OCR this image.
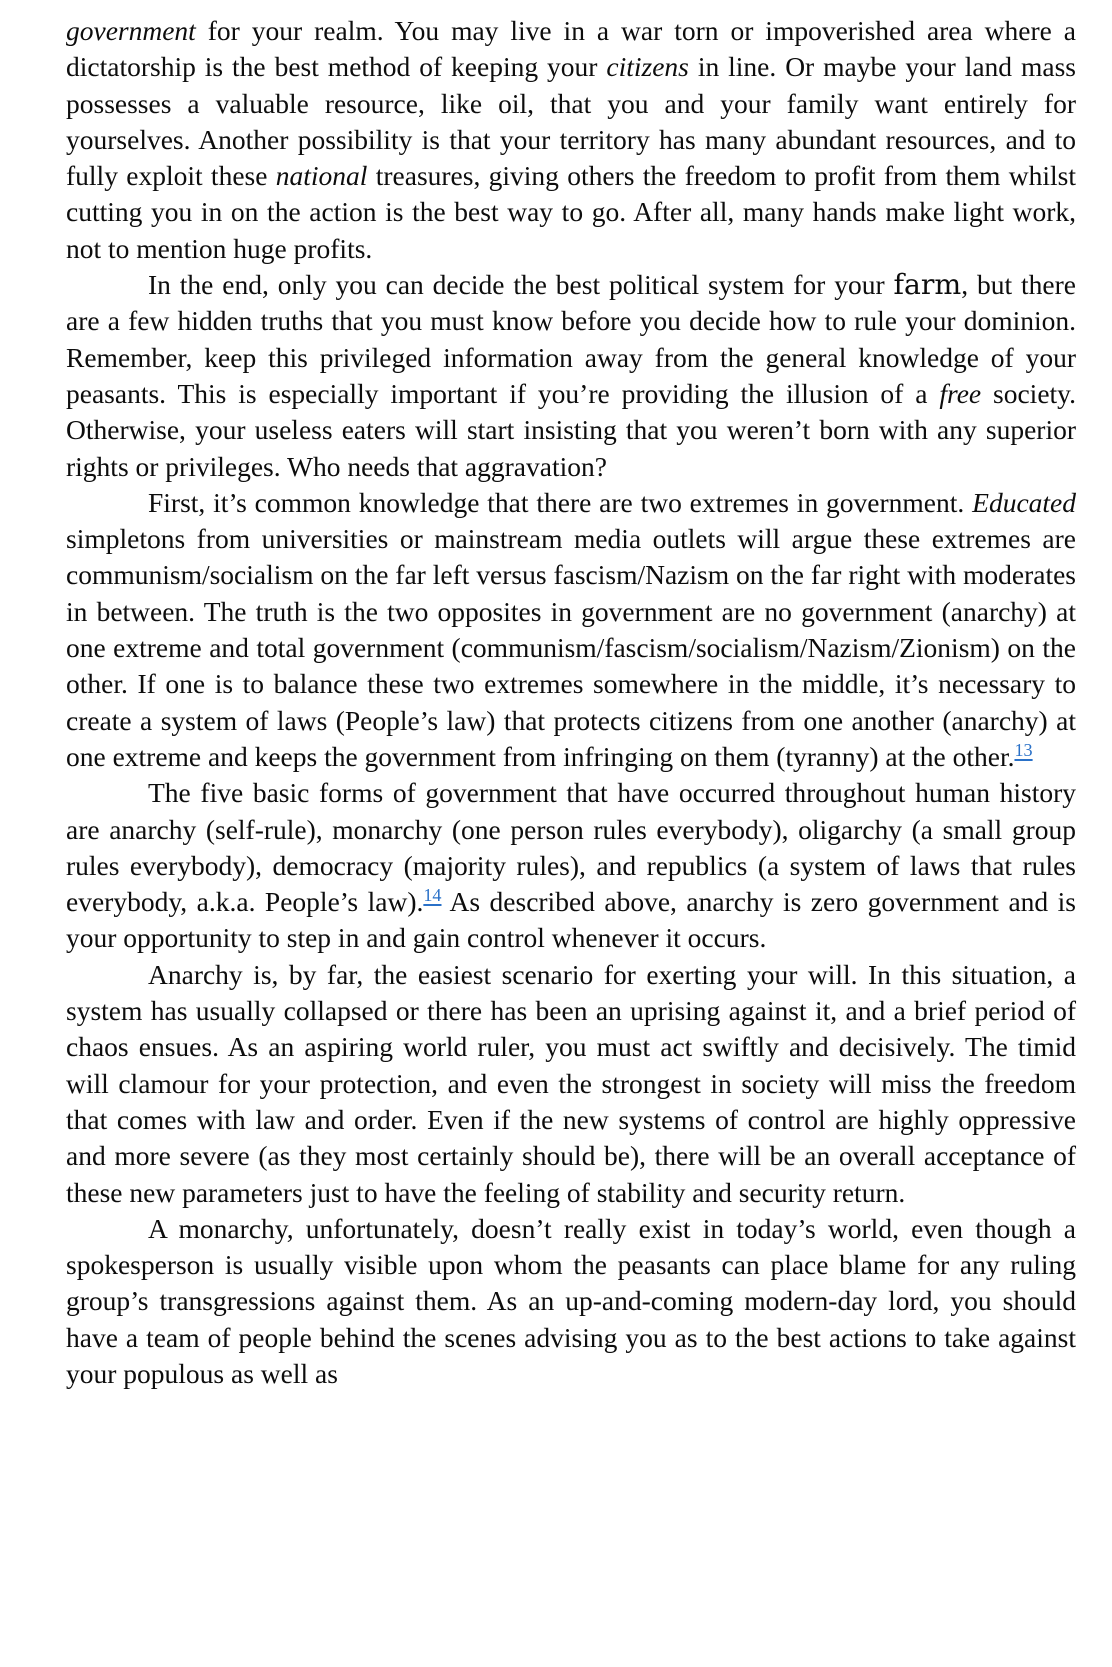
government for your realm. You may live in a war torn or impoverished area where a dictatorship is the best method of keeping your citizens in line. Or maybe your land mass possesses a valuable resource, like oil, that you and your family want entirely for yourselves. Another possibility is that your territory has many abundant resources, and to fully exploit these national treasures, giving others the freedom to profit from them whilst cutting you in on the action is the best way to go. After all, many hands make light work, not to mention huge profits.

In the end, only you can decide the best political system for your farm, but there are a few hidden truths that you must know before you decide how to rule your dominion. Remember, keep this privileged information away from the general knowledge of your peasants. This is especially important if you’re providing the illusion of a free society. Otherwise, your useless eaters will start insisting that you weren’t born with any superior rights or privileges. Who needs that aggravation?

First, it’s common knowledge that there are two extremes in government. Educated simpletons from universities or mainstream media outlets will argue these extremes are communism/socialism on the far left versus fascism/Nazism on the far right with moderates in between. The truth is the two opposites in government are no government (anarchy) at one extreme and total government (communism/fascism/socialism/Nazism/Zionism) on the other. If one is to balance these two extremes somewhere in the middle, it’s necessary to create a system of laws (People’s law) that protects citizens from one another (anarchy) at one extreme and keeps the government from infringing on them (tyranny) at the other.$^{13}$

The five basic forms of government that have occurred throughout human history are anarchy (self-rule), monarchy (one person rules everybody), oligarchy (a small group rules everybody), democracy (majority rules), and republics (a system of laws that rules everybody, a.k.a. People’s law).$^{14}$ As described above, anarchy is zero government and is your opportunity to step in and gain control whenever it occurs.

Anarchy is, by far, the easiest scenario for exerting your will. In this situation, a system has usually collapsed or there has been an uprising against it, and a brief period of chaos ensues. As an aspiring world ruler, you must act swiftly and decisively. The timid will clamour for your protection, and even the strongest in society will miss the freedom that comes with law and order. Even if the new systems of control are highly oppressive and more severe (as they most certainly should be), there will be an overall acceptance of these new parameters just to have the feeling of stability and security return.

A monarchy, unfortunately, doesn’t really exist in today’s world, even though a spokesperson is usually visible upon whom the peasants can place blame for any ruling group’s transgressions against them. As an up-and-coming modern-day lord, you should have a team of people behind the scenes advising you as to the best actions to take against your populous as well as
